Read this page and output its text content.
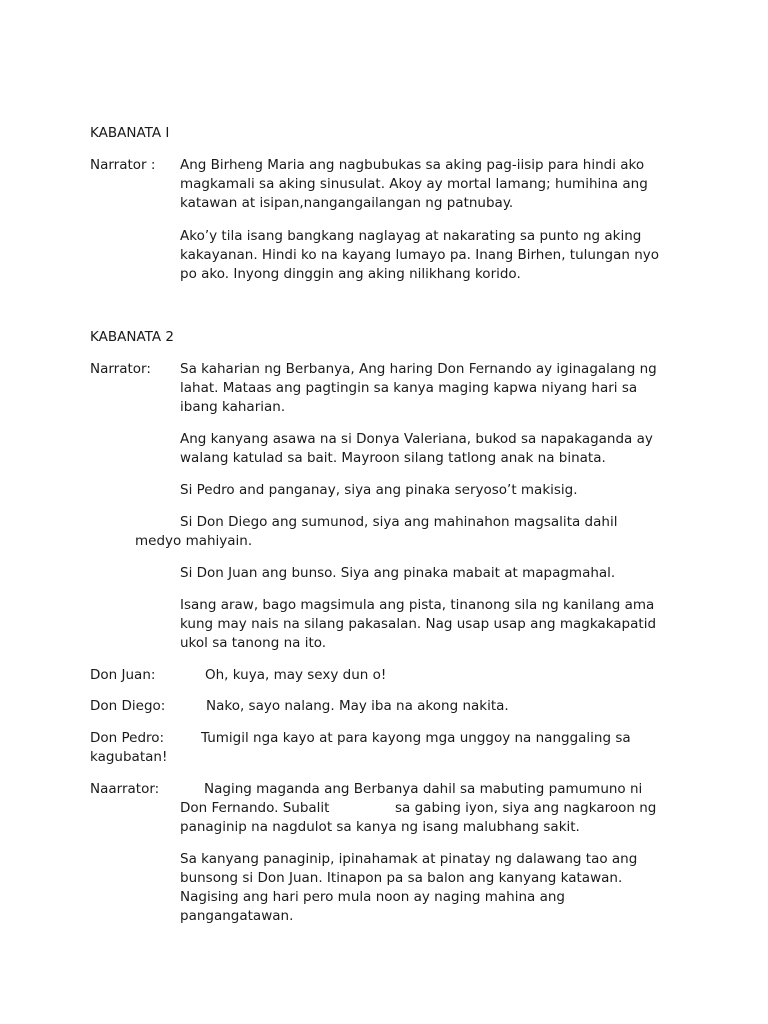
KABANATA I
Narrator : Ang Birheng Maria ang nagbubukas sa aking pag-iisip para hindi ako
magkamali sa aking sinusulat. Akoy ay mortal lamang; humihina ang
katawan at isipan,nangangailangan ng patnubay.
Ako’y tila isang bangkang naglayag at nakarating sa punto ng aking
kakayanan. Hindi ko na kayang lumayo pa. Inang Birhen, tulungan nyo
po ako. Inyong dinggin ang aking nilikhang korido.
KABANATA 2
Narrator: Sa kaharian ng Berbanya, Ang haring Don Fernando ay iginagalang ng
lahat. Mataas ang pagtingin sa kanya maging kapwa niyang hari sa
ibang kaharian.
Ang kanyang asawa na si Donya Valeriana, bukod sa napakaganda ay
walang katulad sa bait. Mayroon silang tatlong anak na binata.
Si Pedro and panganay, siya ang pinaka seryoso’t makisig.
Si Don Diego ang sumunod, siya ang mahinahon magsalita dahil
medyo mahiyain.
Si Don Juan ang bunso. Siya ang pinaka mabait at mapagmahal.
Isang araw, bago magsimula ang pista, tinanong sila ng kanilang ama
kung may nais na silang pakasalan. Nag usap usap ang magkakapatid
ukol sa tanong na ito.
Don Juan:	Oh, kuya, may sexy dun o!
Don Diego:	Nako, sayo nalang. May iba na akong nakita.
Don Pedro:	Tumigil nga kayo at para kayong mga unggoy na nanggaling sa
kagubatan!
Naarrator:	Naging maganda ang Berbanya dahil sa mabuting pamumuno ni
Don Fernando. Subalit	sa gabing iyon, siya ang nagkaroon ng
panaginip na nagdulot sa kanya ng isang malubhang sakit.
Sa kanyang panaginip, ipinahamak at pinatay ng dalawang tao ang
bunsong si Don Juan. Itinapon pa sa balon ang kanyang katawan.
Nagising ang hari pero mula noon ay naging mahina ang
pangangatawan.
